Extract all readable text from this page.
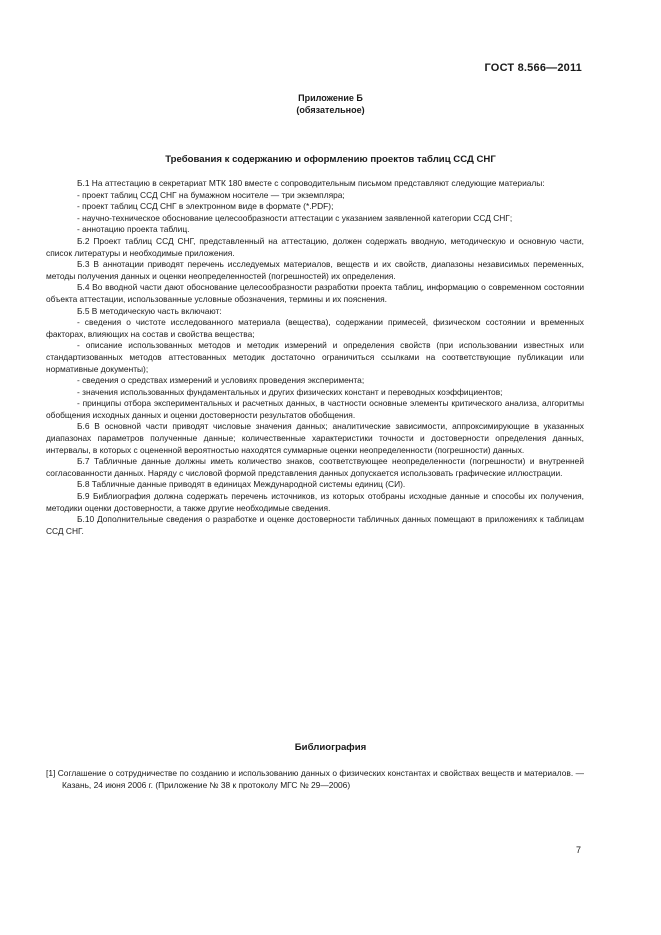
ГОСТ 8.566—2011
Приложение Б
(обязательное)
Требования к содержанию и оформлению проектов таблиц ССД СНГ

Б.1 На аттестацию в секретариат МТК 180 вместе с сопроводительным письмом представляют следующие материалы:

- проект таблиц ССД СНГ на бумажном носителе — три экземпляра;

- проект таблиц ССД СНГ в электронном виде в формате (*.PDF);

- научно-техническое обоснование целесообразности аттестации с указанием заявленной категории ССД СНГ;

- аннотацию проекта таблиц.

Б.2 Проект таблиц ССД СНГ, представленный на аттестацию, должен содержать вводную, методическую и основную части, список литературы и необходимые приложения.

Б.3 В аннотации приводят перечень исследуемых материалов, веществ и их свойств, диапазоны независимых переменных, методы получения данных и оценки неопределенностей (погрешностей) их определения.

Б.4 Во вводной части дают обоснование целесообразности разработки проекта таблиц, информацию о современном состоянии объекта аттестации, использованные условные обозначения, термины и их пояснения.

Б.5 В методическую часть включают:

- сведения о чистоте исследованного материала (вещества), содержании примесей, физическом состоянии и временных факторах, влияющих на состав и свойства вещества;

- описание использованных методов и методик измерений и определения свойств (при использовании известных или стандартизованных методов аттестованных методик достаточно ограничиться ссылками на соответствующие публикации или нормативные документы);

- сведения о средствах измерений и условиях проведения эксперимента;

- значения использованных фундаментальных и других физических констант и переводных коэффициентов;

- принципы отбора экспериментальных и расчетных данных, в частности основные элементы критического анализа, алгоритмы обобщения исходных данных и оценки достоверности результатов обобщения.

Б.6 В основной части приводят числовые значения данных; аналитические зависимости, аппроксимирующие в указанных диапазонах параметров полученные данные; количественные характеристики точности и достоверности определения данных, интервалы, в которых с оцененной вероятностью находятся суммарные оценки неопределенности (погрешности) данных.

Б.7 Табличные данные должны иметь количество знаков, соответствующее неопределенности (погрешности) и внутренней согласованности данных. Наряду с числовой формой представления данных допускается использовать графические иллюстрации.

Б.8 Табличные данные приводят в единицах Международной системы единиц (СИ).

Б.9 Библиография должна содержать перечень источников, из которых отобраны исходные данные и способы их получения, методики оценки достоверности, а также другие необходимые сведения.

Б.10 Дополнительные сведения о разработке и оценке достоверности табличных данных помещают в приложениях к таблицам ССД СНГ.

Библиография

[1] Соглашение о сотрудничестве по созданию и использованию данных о физических константах и свойствах веществ и материалов. — Казань, 24 июня 2006 г. (Приложение № 38 к протоколу МГС № 29—2006)

7
